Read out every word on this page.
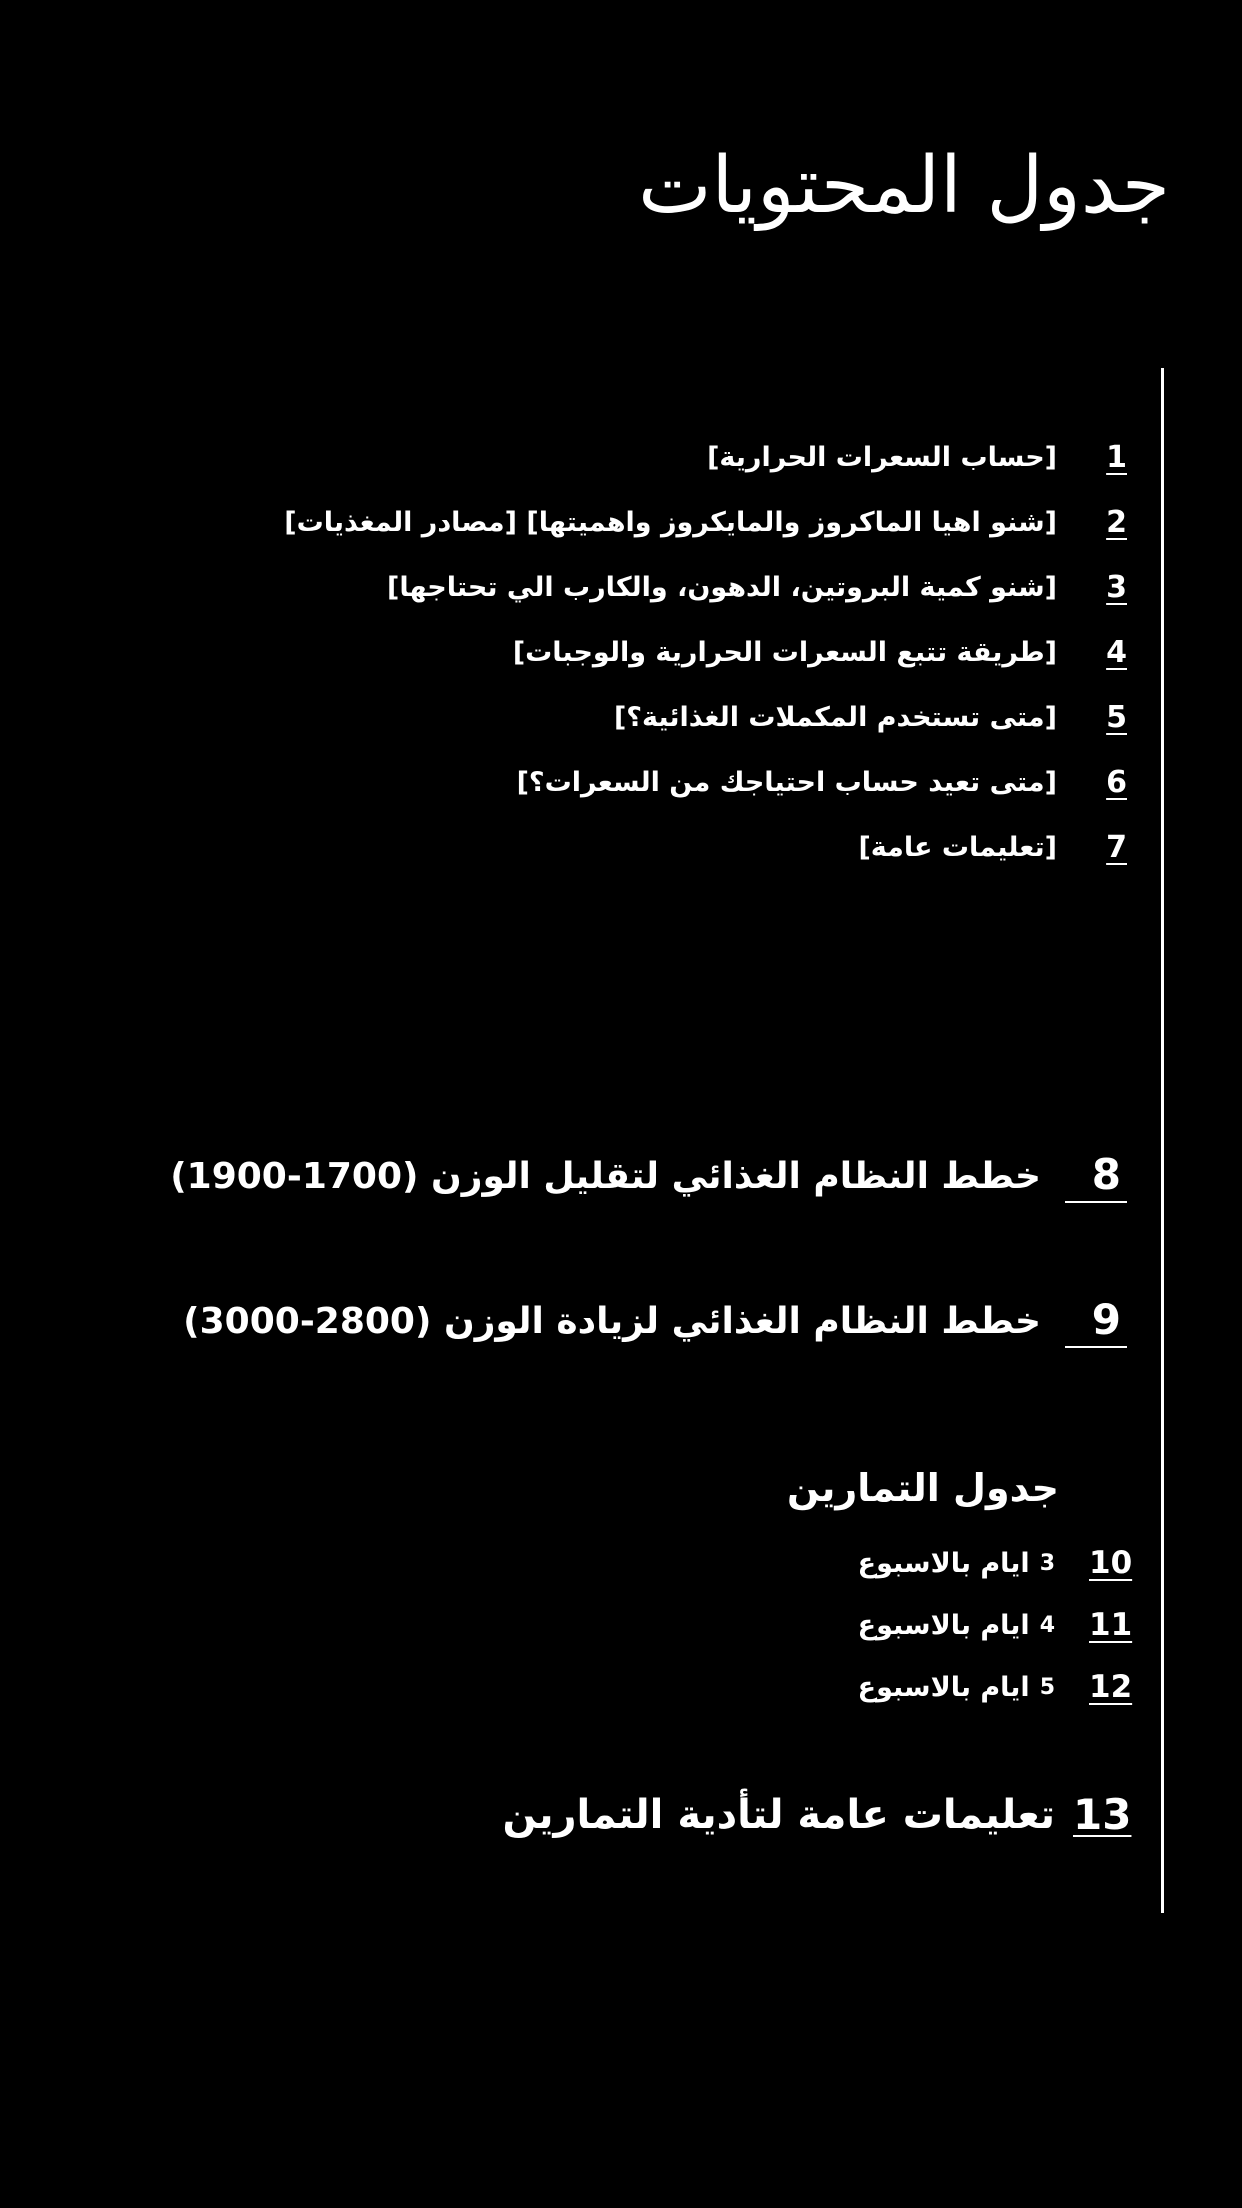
جدول المحتويات
[حساب السعرات الحرارية]	1
[شنو اهيا الماكروز والمايكروز واهميتها] [مصادر المغذيات]	2
[شنو كمية البروتين، الدهون، والكارب الي تحتاجها]	3
[طريقة تتبع السعرات الحرارية والوجبات]	4
[متى تستخدم المكملات الغذائية؟]	5
[متى تعيد حساب احتياجك من السعرات؟]	6
[تعليمات عامة]	7
خطط النظام الغذائي لتقليل الوزن (1700-1900)	8
خطط النظام الغذائي لزيادة الوزن (2800-3000)	9
جدول التمارين
ايام بالاسبوع 3 10
ايام بالاسبوع 4 11
ايام بالاسبوع 5 12
تعليمات عامة لتأدية التمارين 13
